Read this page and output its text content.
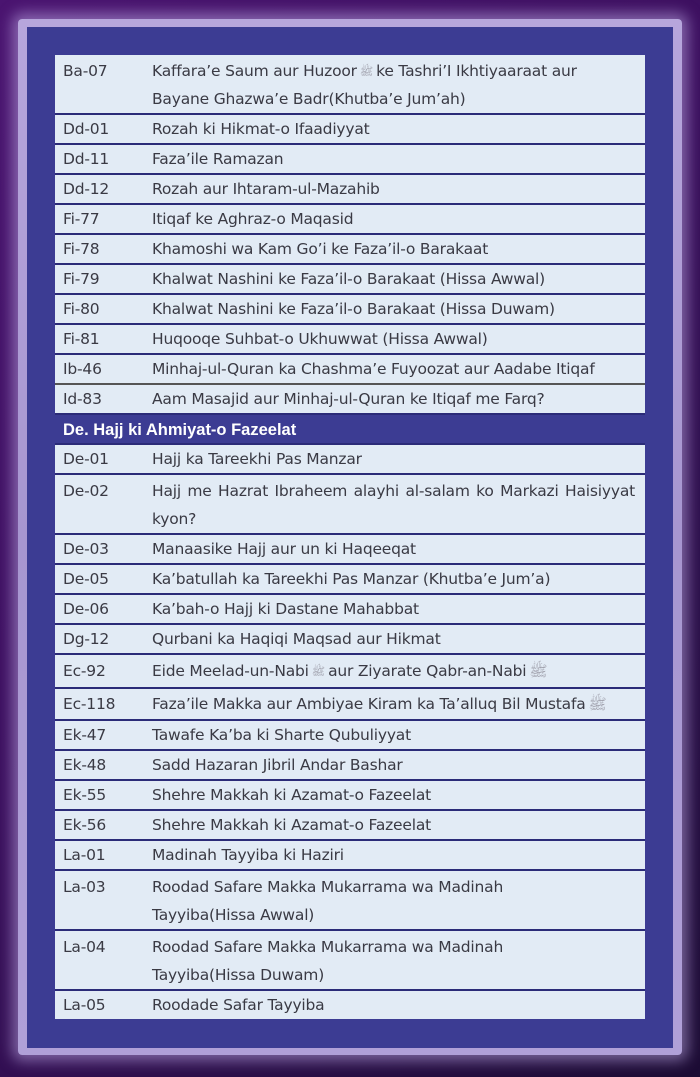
Ba-07	Kaffara’e Saum aur Huzoor ﷺ ke Tashri’I Ikhtiyaaraat aur Bayane Ghazwa’e Badr(Khutba’e Jum’ah)
Dd-01	Rozah ki Hikmat-o Ifaadiyyat
Dd-11	Faza’ile Ramazan
Dd-12	Rozah aur Ihtaram-ul-Mazahib
Fi-77	Itiqaf ke Aghraz-o Maqasid
Fi-78	Khamoshi wa Kam Go’i ke Faza’il-o Barakaat
Fi-79	Khalwat Nashini ke Faza’il-o Barakaat (Hissa Awwal)
Fi-80	Khalwat Nashini ke Faza’il-o Barakaat (Hissa Duwam)
Fi-81	Huqooqe Suhbat-o Ukhuwwat (Hissa Awwal)
Ib-46	Minhaj-ul-Quran ka Chashma’e Fuyoozat aur Aadabe Itiqaf
Id-83	Aam Masajid aur Minhaj-ul-Quran ke Itiqaf me Farq?
De. Hajj ki Ahmiyat-o Fazeelat
De-01	Hajj ka Tareekhi Pas Manzar
De-02	Hajj me Hazrat Ibraheem alayhi al-salam ko Markazi Haisiyyat kyon?
De-03	Manaasike Hajj aur un ki Haqeeqat
De-05	Ka’batullah ka Tareekhi Pas Manzar (Khutba’e Jum’a)
De-06	Ka’bah-o Hajj ki Dastane Mahabbat
Dg-12	Qurbani ka Haqiqi Maqsad aur Hikmat
Ec-92	Eide Meelad-un-Nabi ﷺ aur Ziyarate Qabr-an-Nabi ﷺ
Ec-118	Faza’ile Makka aur Ambiyae Kiram ka Ta’alluq Bil Mustafa ﷺ
Ek-47	Tawafe Ka’ba ki Sharte Qubuliyyat
Ek-48	Sadd Hazaran Jibril Andar Bashar
Ek-55	Shehre Makkah ki Azamat-o Fazeelat
Ek-56	Shehre Makkah ki Azamat-o Fazeelat
La-01	Madinah Tayyiba ki Haziri
La-03	Roodad Safare Makka Mukarrama wa Madinah
Tayyiba(Hissa Awwal)
La-04	Roodad Safare Makka Mukarrama wa Madinah
Tayyiba(Hissa Duwam)
La-05	Roodade Safar Tayyiba
